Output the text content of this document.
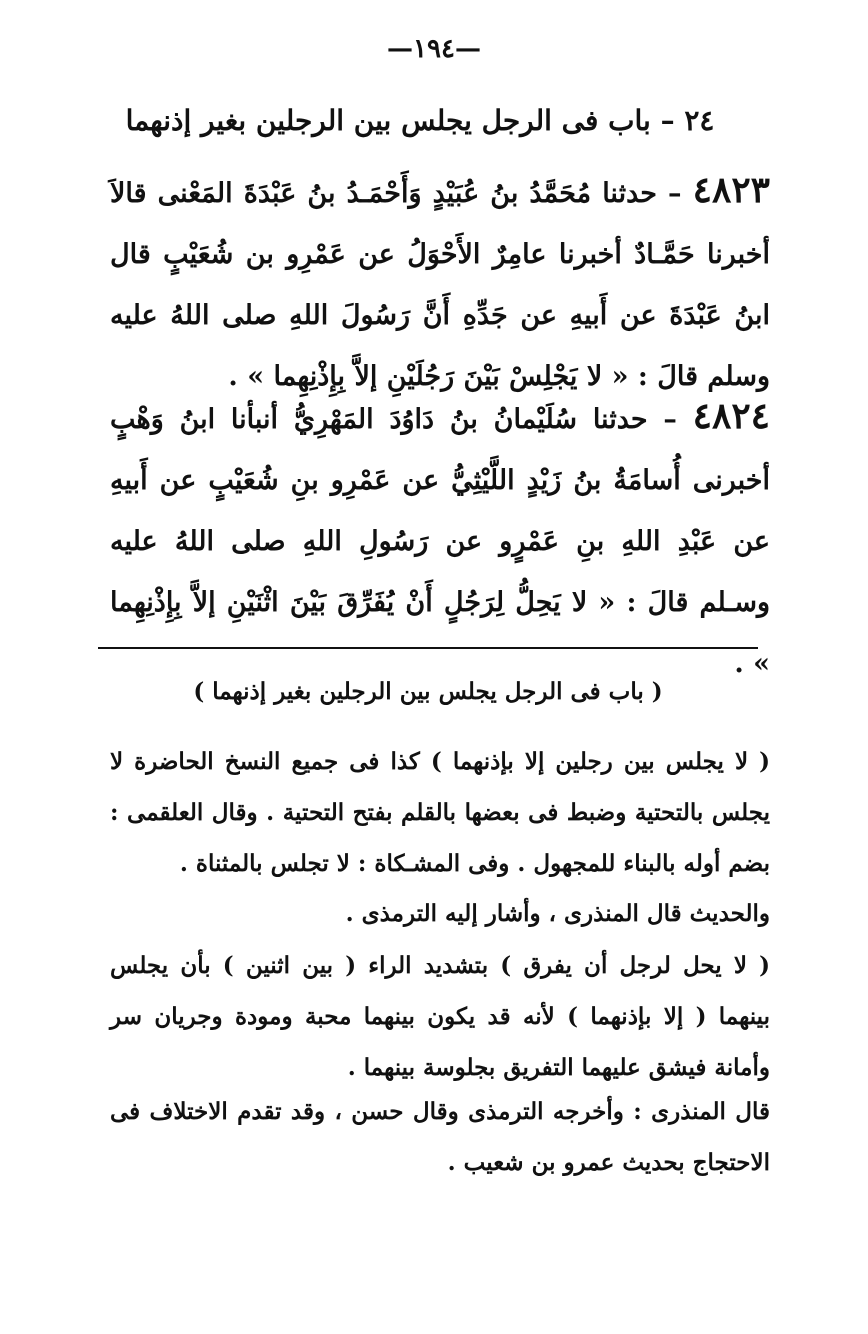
—١٩٤—
٢٤ – باب فى الرجل يجلس بين الرجلين بغير إذنهما
٤٨٢٣ – حدثنا مُحَمَّدُ بنُ عُبَيْدٍ وَأَحْمَـدُ بنُ عَبْدَةَ المَعْنى قالاَ أخبرنا حَمَّـادٌ أخبرنا عامِرٌ الأَحْوَلُ عن عَمْرِو بن شُعَيْبٍ قال ابنُ عَبْدَةَ عن أَبيهِ عن جَدِّهِ أَنَّ رَسُولَ اللهِ صلى اللهُ عليه وسلم قالَ : « لا يَجْلِسْ بَيْنَ رَجُلَيْنِ إلاَّ بِإِذْنِهِما » .
٤٨٢٤ – حدثنا سُلَيْمانُ بنُ دَاوُدَ المَهْرِيُّ أنبأنا ابنُ وَهْبٍ أخبرنى أُسامَةُ بنُ زَيْدٍ اللَّيْثِيُّ عن عَمْرِو بنِ شُعَيْبٍ عن أَبيهِ عن عَبْدِ اللهِ بنِ عَمْرٍو عن رَسُولِ اللهِ صلى اللهُ عليه وسـلم قالَ : « لا يَحِلُّ لِرَجُلٍ أَنْ يُفَرِّقَ بَيْنَ اثْنَيْنِ إلاَّ بِإِذْنِهِما » .
( باب فى الرجل يجلس بين الرجلين بغير إذنهما )
( لا يجلس بين رجلين إلا بإذنهما ) كذا فى جميع النسخ الحاضرة لا يجلس بالتحتية وضبط فى بعضها بالقلم بفتح التحتية . وقال العلقمى : بضم أوله بالبناء للمجهول . وفى المشـكاة : لا تجلس بالمثناة .
والحديث قال المنذرى ، وأشار إليه الترمذى .
( لا يحل لرجل أن يفرق ) بتشديد الراء ( بين اثنين ) بأن يجلس بينهما ( إلا بإذنهما ) لأنه قد يكون بينهما محبة ومودة وجريان سر وأمانة فيشق عليهما التفريق بجلوسة بينهما .
قال المنذرى : وأخرجه الترمذى وقال حسن ، وقد تقدم الاختلاف فى الاحتجاج بحديث عمرو بن شعيب .
